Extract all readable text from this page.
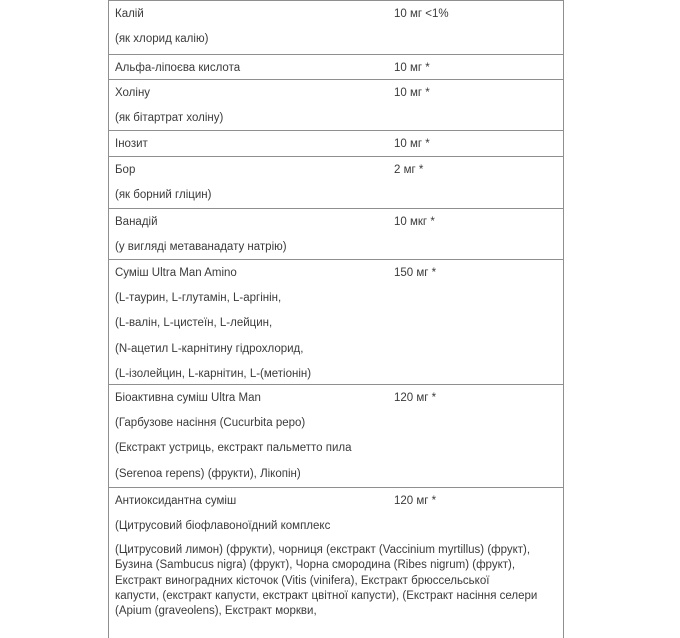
Калій
(як хлорид калію)
10 мг <1%
Альфа-ліпоєва кислота	10 мг *
Холіну
(як бітартрат холіну)
10 мг *
Інозит	10 мг *
Бор
(як борний гліцин)
2 мг *
Ванадій
(у вигляді метаванадату натрію)
10 мкг *
Суміш Ultra Man Amino
(L-таурин, L-глутамін, L-аргінін,
(L-валін, L-цистеїн, L-лейцин,
(N-ацетил L-карнітину гідрохлорид,
(L-ізолейцин, L-карнітин, L-(метіонін)
150 мг *
Біоактивна суміш Ultra Man
(Гарбузове насіння (Cucurbita pepo)
(Екстракт устриць, екстракт пальметто пила
(Serenoa repens) (фрукти), Лікопін)
120 мг *
Антиоксидантна суміш
(Цитрусовий біофлавоноїдний комплекс
120 мг *
(Цитрусовий лимон) (фрукти), чорниця (екстракт (Vaccinium myrtillus) (фрукт),
Бузина (Sambucus nigra) (фрукт), Чорна смородина (Ribes nigrum) (фрукт),
Екстракт виноградних кісточок (Vitis (vinifera), Екстракт брюссельської
капусти, (екстракт капусти, екстракт цвітної капусти), (Екстракт насіння селери
(Apium (graveolens), Екстракт моркви,
